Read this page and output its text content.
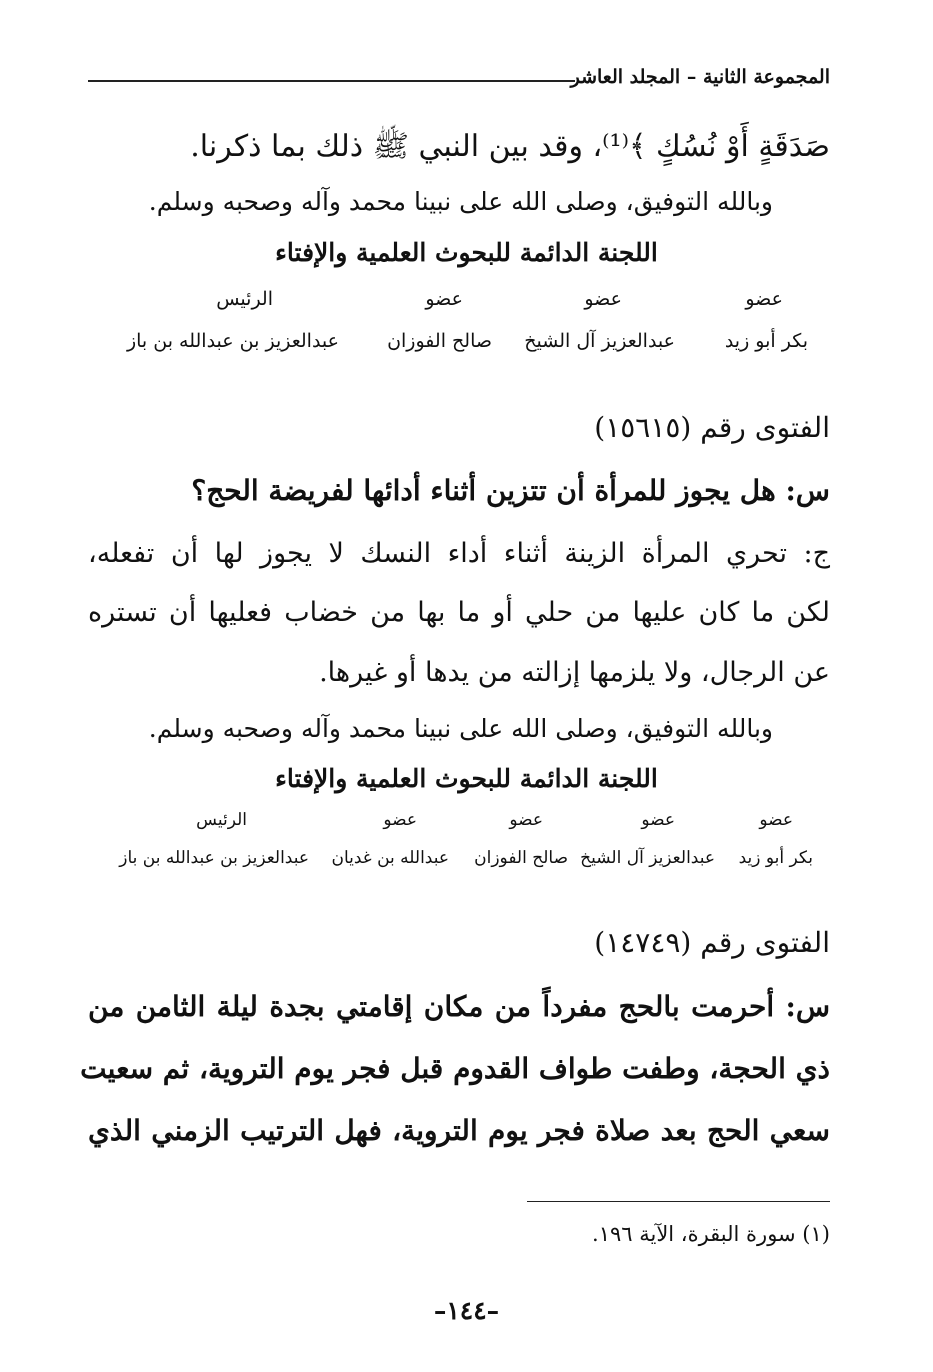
المجموعة الثانية – المجلد العاشر
صَدَقَةٍ أَوْ نُسُكٍ ﴾⁽¹⁾، وقد بين النبي ﷺ ذلك بما ذكرنا.
وبالله التوفيق، وصلى الله على نبينا محمد وآله وصحبه وسلم.
اللجنة الدائمة للبحوث العلمية والإفتاء
عضو
عضو
عضو
الرئيس
بكر أبو زيد
عبدالعزيز آل الشيخ
صالح الفوزان
عبدالعزيز بن عبدالله بن باز
الفتوى رقم (١٥٦١٥)
س: هل يجوز للمرأة أن تتزين أثناء أدائها لفريضة الحج؟
ج: تحري المرأة الزينة أثناء أداء النسك لا يجوز لها أن تفعله،
لكن ما كان عليها من حلي أو ما بها من خضاب فعليها أن تستره
عن الرجال، ولا يلزمها إزالته من يدها أو غيرها.
وبالله التوفيق، وصلى الله على نبينا محمد وآله وصحبه وسلم.
اللجنة الدائمة للبحوث العلمية والإفتاء
عضو
عضو
عضو
عضو
الرئيس
بكر أبو زيد
عبدالعزيز آل الشيخ
صالح الفوزان
عبدالله بن غديان
عبدالعزيز بن عبدالله بن باز
الفتوى رقم (١٤٧٤٩)
س: أحرمت بالحج مفرداً من مكان إقامتي بجدة ليلة الثامن من
ذي الحجة، وطفت طواف القدوم قبل فجر يوم التروية، ثم سعيت
سعي الحج بعد صلاة فجر يوم التروية، فهل الترتيب الزمني الذي
(١) سورة البقرة، الآية ١٩٦.
–١٤٤–
